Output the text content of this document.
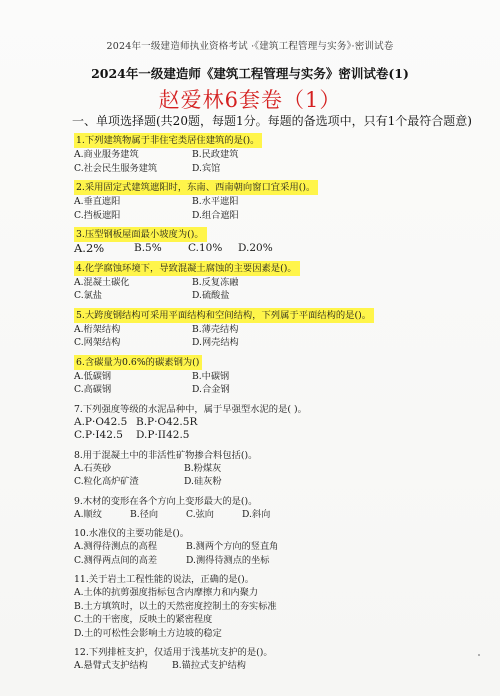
2024年一级建造师执业资格考试 ·《建筑工程管理与实务》·密训试卷
2024年一级建造师《建筑工程管理与实务》密训试卷(1)
赵爱林6套卷（1）
一、单项选择题(共20题，每题1分。每题的备选项中，只有1个最符合题意)
1.下列建筑物属于非住宅类居住建筑的是()。
A.商业服务建筑	B.民政建筑
C.社会民生服务建筑	D.宾馆
2.采用固定式建筑遮阳时，东南、西南朝向窗口宜采用()。
A.垂直遮阳	B.水平遮阳
C.挡板遮阳	D.组合遮阳
3.压型钢板屋面最小坡度为()。
A.2%	B.5%	C.10%	D.20%
4.化学腐蚀环境下，导致混凝土腐蚀的主要因素是()。
A.混凝土碳化	B.反复冻融
C.氯盐	D.硫酸盐
5.大跨度钢结构可采用平面结构和空间结构，下列属于平面结构的是()。
A.桁架结构	B.薄壳结构
C.网架结构	D.网壳结构
6.含碳量为0.6%的碳素钢为()
A.低碳钢	B.中碳钢
C.高碳钢	D.合金钢
7.下列强度等级的水泥品种中，属于早强型水泥的是( )。
A.P·O42.5 B.P·O42.5R
C.P·I42.5	D.P·II42.5
8.用于混凝土中的非活性矿物掺合料包括()。
A.石英砂	B.粉煤灰
C.粒化高炉矿渣	D.硅灰粉
9.木材的变形在各个方向上变形最大的是()。
A.顺纹	B.径向	C.弦向	D.斜向
10.水准仪的主要功能是()。
A.测得待测点的高程	B.测两个方向的竖直角
C.测得两点间的高差	D.测得待测点的坐标
11.关于岩土工程性能的说法，正确的是()。
A.土体的抗剪强度指标包含内摩擦力和内聚力
B.土方填筑时，以土的天然密度控制土的夯实标准
C.土的干密度，反映土的紧密程度
D.土的可松性会影响土方边坡的稳定
12.下列排桩支护，仅适用于浅基坑支护的是()。
A.悬臂式支护结构	B.锚拉式支护结构
